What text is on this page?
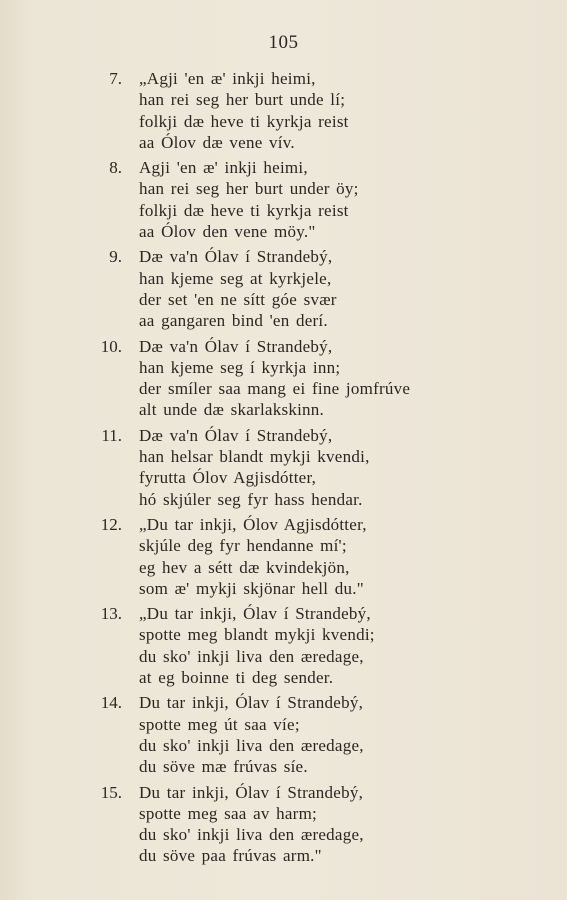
105
7. „Agji 'en æ' inkji heimi,
han rei seg her burt unde lí;
folkji dæ heve ti kyrkja reist
aa Ólov dæ vene vív.
8. Agji 'en æ' inkji heimi,
han rei seg her burt under öy;
folkji dæ heve ti kyrkja reist
aa Ólov den vene möy."
9. Dæ va'n Ólav í Strandebý,
han kjeme seg at kyrkjele,
der set 'en ne sítt góe svær
aa gangaren bind 'en derí.
10. Dæ va'n Ólav í Strandebý,
han kjeme seg í kyrkja inn;
der smíler saa mang ei fine jomfrúve
alt unde dæ skarlakskinn.
11. Dæ va'n Ólav í Strandebý,
han helsar blandt mykji kvendi,
fyrutta Ólov Agjisdótter,
hó skjúler seg fyr hass hendar.
12. „Du tar inkji, Ólov Agjisdótter,
skjúle deg fyr hendanne mí';
eg hev a sétt dæ kvindekjön,
som æ' mykji skjönar hell du."
13. „Du tar inkji, Ólav í Strandebý,
spotte meg blandt mykji kvendi;
du sko' inkji liva den æredage,
at eg boinne ti deg sender.
14. Du tar inkji, Ólav í Strandebý,
spotte meg út saa víe;
du sko' inkji liva den æredage,
du söve mæ frúvas síe.
15. Du tar inkji, Ólav í Strandebý,
spotte meg saa av harm;
du sko' inkji liva den æredage,
du söve paa frúvas arm."
